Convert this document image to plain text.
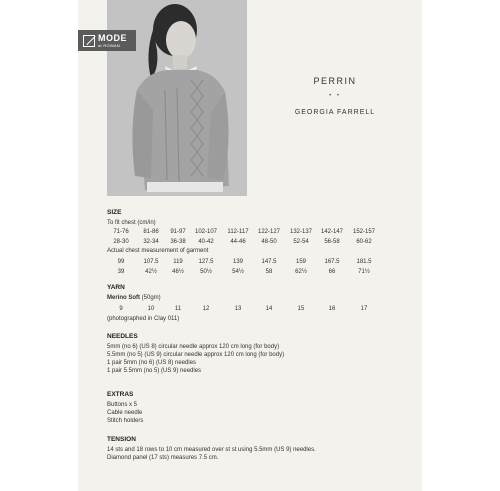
MODE
at ROWAN
PERRIN
• •
GEORGIA FARRELL
SIZE
To fit chest (cm/in)
71-76	81-86	91-97	102-107	112-117	122-127	132-137	142-147	152-157
28-30	32-34	36-38	40-42	44-46	48-50	52-54	56-58	60-62
Actual chest measurement of garment
99	107.5	119	127.5	139	147.5	159	167.5	181.5
39	42½	46½	50½	54½	58	62½	66	71½
YARN
Merino Soft (50gm)
9	10	11	12	13	14	15	16	17
(photographed in Clay 011)
NEEDLES
5mm (no 6) (US 8) circular needle approx 120 cm long (for body)
5.5mm (no 5) (US 9) circular needle approx 120 cm long (for body)
1 pair 5mm (no 6) (US 8) needles
1 pair 5.5mm (no 5) (US 9) needles
EXTRAS
Buttons x 5
Cable needle
Stitch holders
TENSION
14 sts and 18 rows to 10 cm measured over st st using 5.5mm (US 9) needles.
Diamond panel (17 sts) measures 7.5 cm.
